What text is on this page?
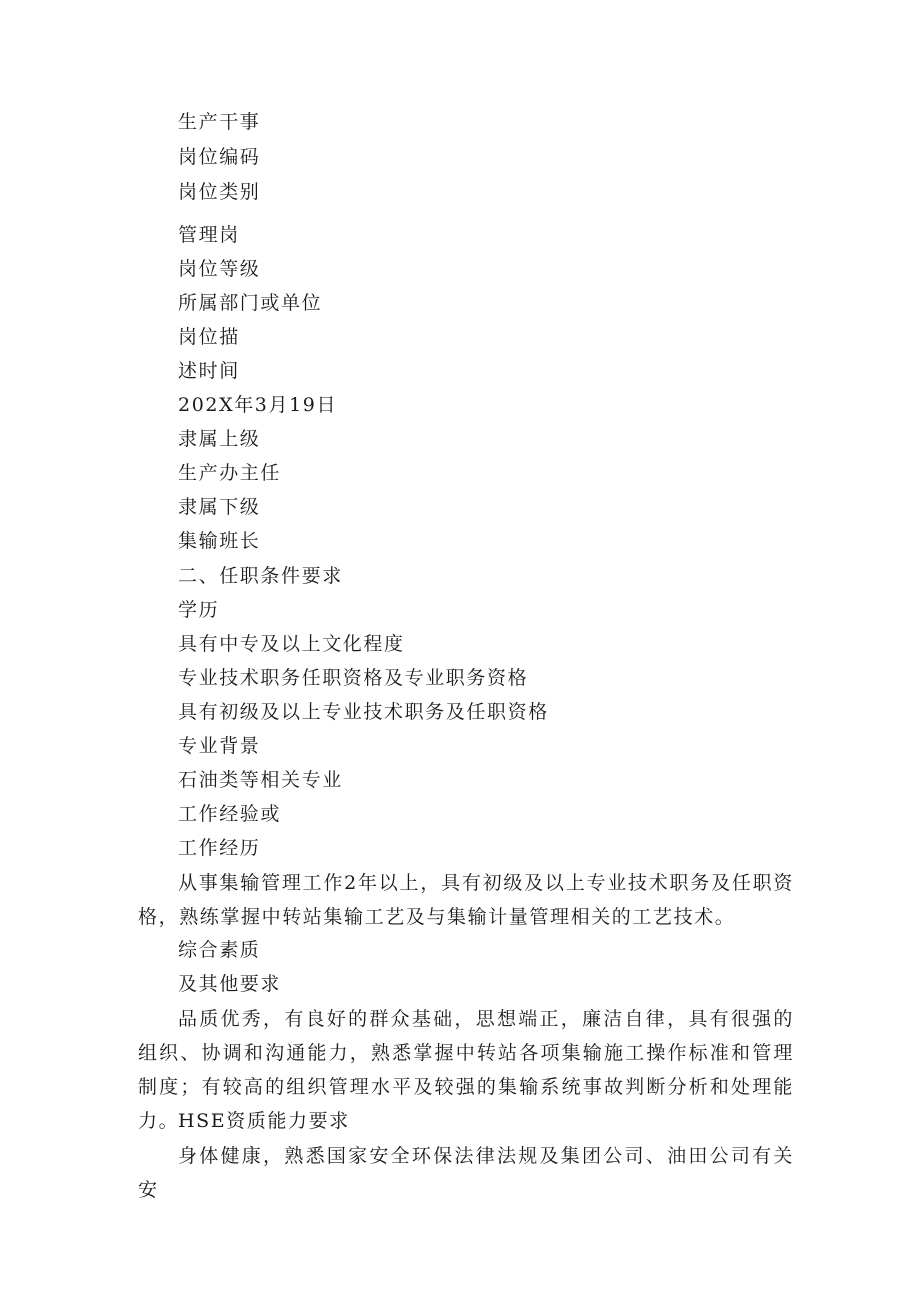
生产干事
岗位编码
岗位类别
管理岗
岗位等级
所属部门或单位
岗位描
述时间
202X年3月19日
隶属上级
生产办主任
隶属下级
集输班长
二、任职条件要求
学历
具有中专及以上文化程度
专业技术职务任职资格及专业职务资格
具有初级及以上专业技术职务及任职资格
专业背景
石油类等相关专业
工作经验或
工作经历

从事集输管理工作2年以上，具有初级及以上专业技术职务及任职资格，熟练掌握中转站集输工艺及与集输计量管理相关的工艺技术。

综合素质
及其他要求

品质优秀，有良好的群众基础，思想端正，廉洁自律，具有很强的组织、协调和沟通能力，熟悉掌握中转站各项集输施工操作标准和管理制度；有较高的组织管理水平及较强的集输系统事故判断分析和处理能力。

HSE资质能力要求

身体健康，熟悉国家安全环保法律法规及集团公司、油田公司有关安
